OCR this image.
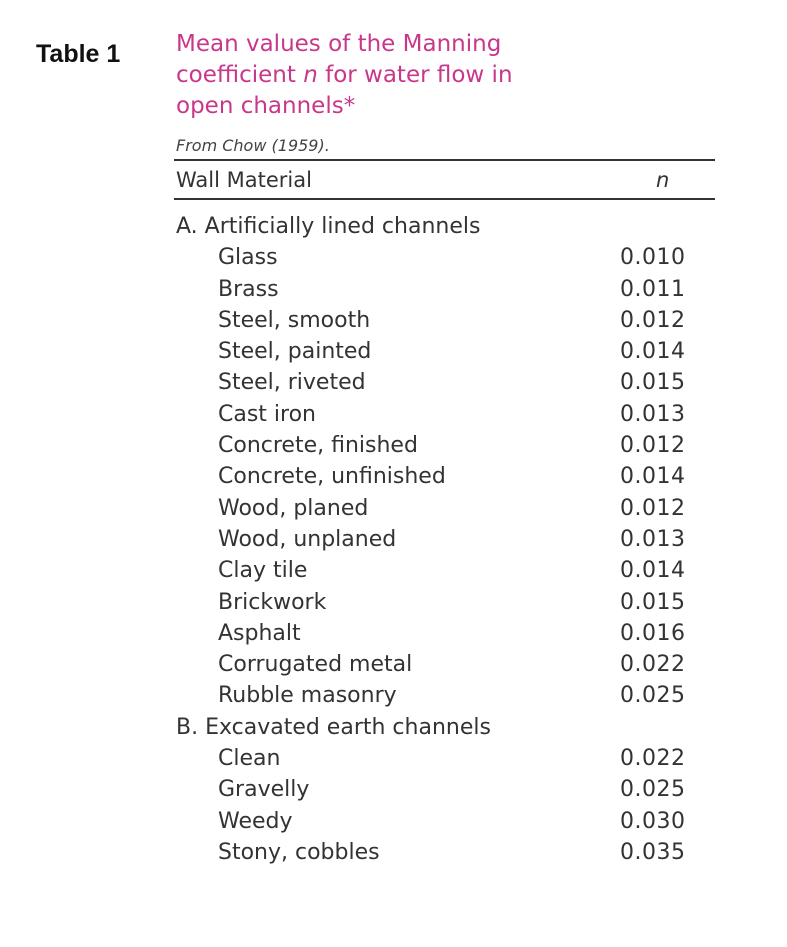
Table 1 Mean values of the Manning
coefficient n for water flow in
open channels*
From Chow (1959).
Wall Material	n
A. Artificially lined channels
Glass	0.010
Brass	0.011
Steel, smooth	0.012
Steel, painted	0.014
Steel, riveted	0.015
Cast iron	0.013
Concrete, finished	0.012
Concrete, unfinished	0.014
Wood, planed	0.012
Wood, unplaned	0.013
Clay tile	0.014
Brickwork	0.015
Asphalt	0.016
Corrugated metal	0.022
Rubble masonry	0.025
B. Excavated earth channels
Clean	0.022
Gravelly	0.025
Weedy	0.030
Stony, cobbles	0.035
